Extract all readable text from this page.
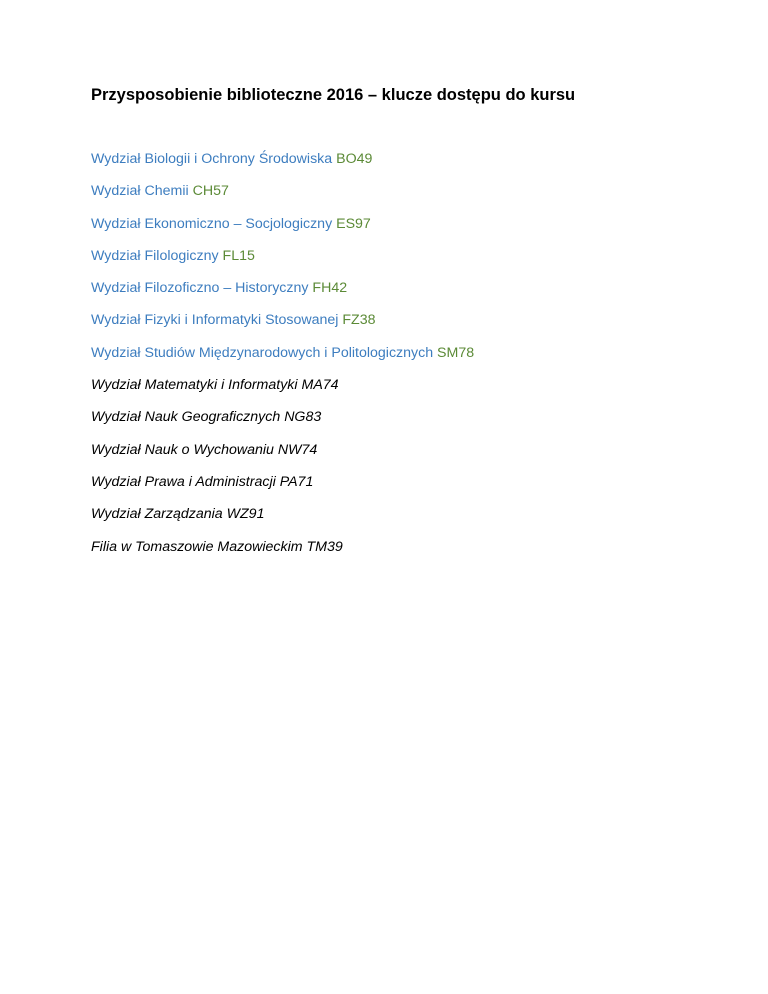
Przysposobienie biblioteczne 2016 – klucze dostępu do kursu
Wydział Biologii i Ochrony Środowiska BO49
Wydział Chemii CH57
Wydział Ekonomiczno – Socjologiczny ES97
Wydział Filologiczny FL15
Wydział Filozoficzno – Historyczny FH42
Wydział Fizyki i Informatyki Stosowanej FZ38
Wydział Studiów Międzynarodowych i Politologicznych SM78
Wydział Matematyki i Informatyki MA74
Wydział Nauk Geograficznych NG83
Wydział Nauk o Wychowaniu NW74
Wydział Prawa i Administracji PA71
Wydział Zarządzania WZ91
Filia w Tomaszowie Mazowieckim TM39
